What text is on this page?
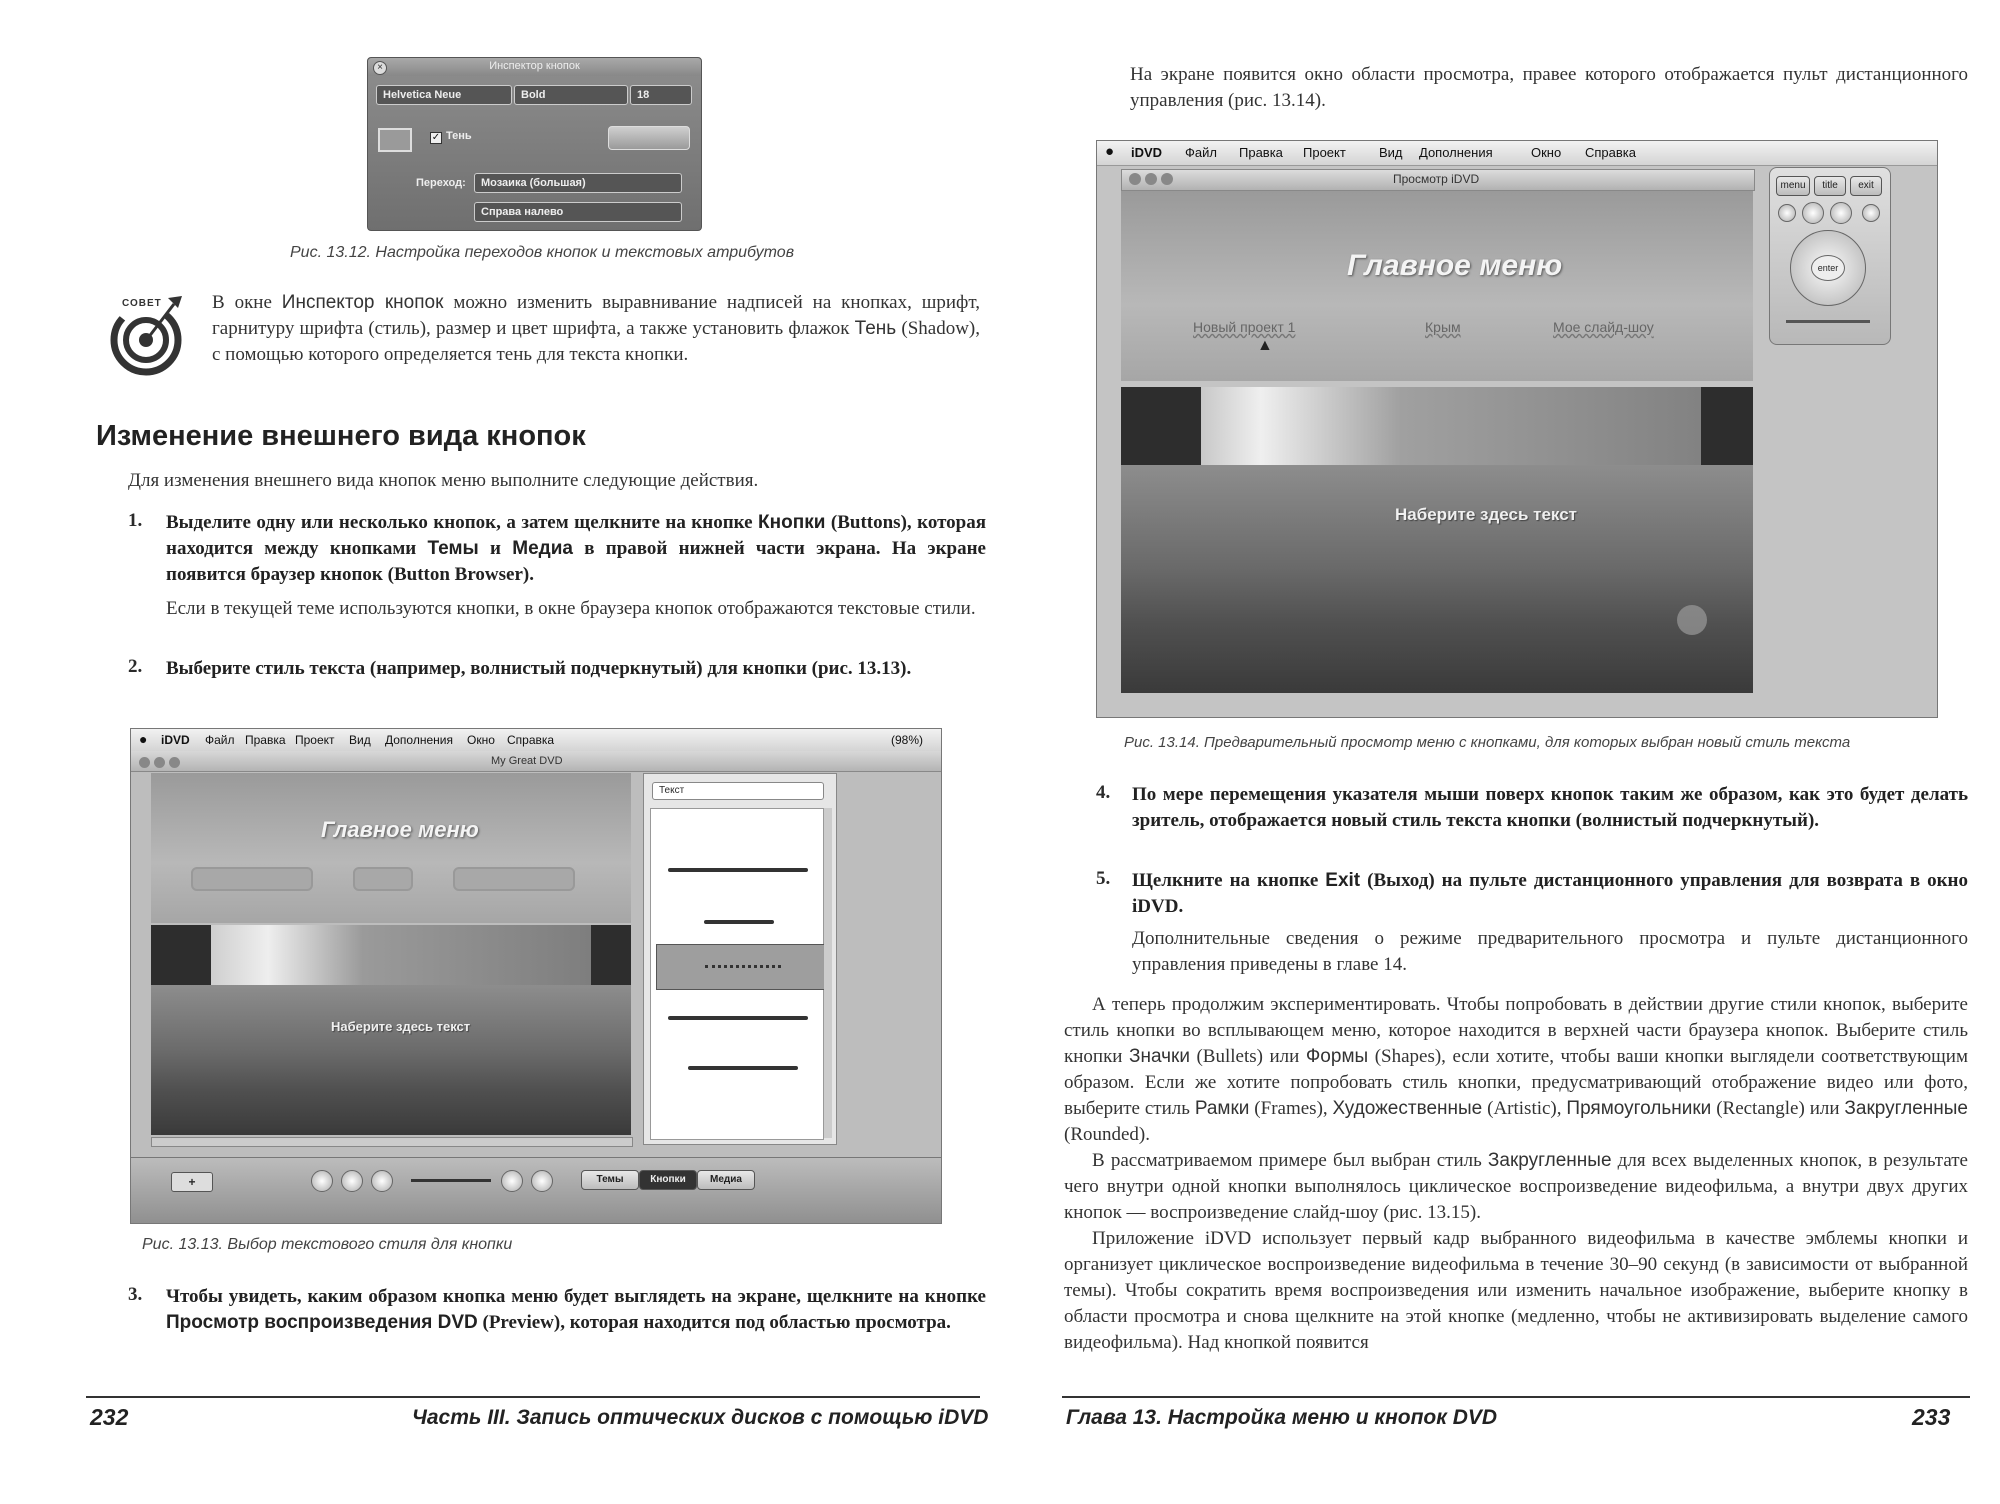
×	Инспектор кнопок
Helvetica Neue	Bold	18
✓ Тень
Переход:	Мозаика (большая)
Справа налево
Рис. 13.12. Настройка переходов кнопок и текстовых атрибутов
СОВЕТ	В окне Инспектор кнопок можно изменить выравнивание надписей на кнопках, шрифт, гарнитуру шрифта (стиль), размер и цвет шрифта, а также установить флажок Тень (Shadow), с помощью которого определяется тень для текста кнопки.

Изменение внешнего вида кнопок

Для изменения внешнего вида кнопок меню выполните следующие действия.

1. Выделите одну или несколько кнопок, а затем щелкните на кнопке Кнопки (Buttons), которая находится между кнопками Темы и Медиа в правой нижней части экрана. На экране появится браузер кнопок (Button Browser).

Если в текущей теме используются кнопки, в окне браузера кнопок отображаются текстовые стили.

2. Выберите стиль текста (например, волнистый подчеркнутый) для кнопки (рис. 13.13).

● iDVD Файл Правка Проект Вид Дополнения Окно Справка	(98%)
My Great DVD
Главное меню
Наберите здесь текст
Текст
+	Темы	Кнопки	Медиа
Рис. 13.13. Выбор текстового стиля для кнопки
3. Чтобы увидеть, каким образом кнопка меню будет выглядеть на экране, щелкните на кнопке Просмотр воспроизведения DVD (Preview), которая находится под областью просмотра.

232	Часть III. Запись оптических дисков с помощью iDVD

На экране появится окно области просмотра, правее которого отображается пульт дистанционного управления (рис. 13.14).

● iDVD Файл Правка Проект	Вид Дополнения	Окно Справка
Просмотр iDVD
Главное меню
Новый проект 1	Крым	Мое слайд-шоу
▲
Наберите здесь текст
menu	title	exit
enter
Рис. 13.14. Предварительный просмотр меню с кнопками, для которых выбран новый стиль текста
4. По мере перемещения указателя мыши поверх кнопок таким же образом, как это будет делать зритель, отображается новый стиль текста кнопки (волнистый подчеркнутый).

5. Щелкните на кнопке Exit (Выход) на пульте дистанционного управления для возврата в окно iDVD.

Дополнительные сведения о режиме предварительного просмотра и пульте дистанционного управления приведены в главе 14.

А теперь продолжим экспериментировать. Чтобы попробовать в действии другие стили кнопок, выберите стиль кнопки во всплывающем меню, которое находится в верхней части браузера кнопок. Выберите стиль кнопки Значки (Bullets) или Формы (Shapes), если хотите, чтобы ваши кнопки выглядели соответствующим образом. Если же хотите попробовать стиль кнопки, предусматривающий отображение видео или фото, выберите стиль Рамки (Frames), Художественные (Artistic), Прямоугольники (Rectangle) или Закругленные (Rounded).

В рассматриваемом примере был выбран стиль Закругленные для всех выделенных кнопок, в результате чего внутри одной кнопки выполнялось циклическое воспроизведение видеофильма, а внутри двух других кнопок — воспроизведение слайд-шоу (рис. 13.15).

Приложение iDVD использует первый кадр выбранного видеофильма в качестве эмблемы кнопки и организует циклическое воспроизведение видеофильма в течение 30–90 секунд (в зависимости от выбранной темы). Чтобы сократить время воспроизведения или изменить начальное изображение, выберите кнопку в области просмотра и снова щелкните на этой кнопке (медленно, чтобы не активизировать выделение самого видеофильма). Над кнопкой появится

Глава 13. Настройка меню и кнопок DVD	233
